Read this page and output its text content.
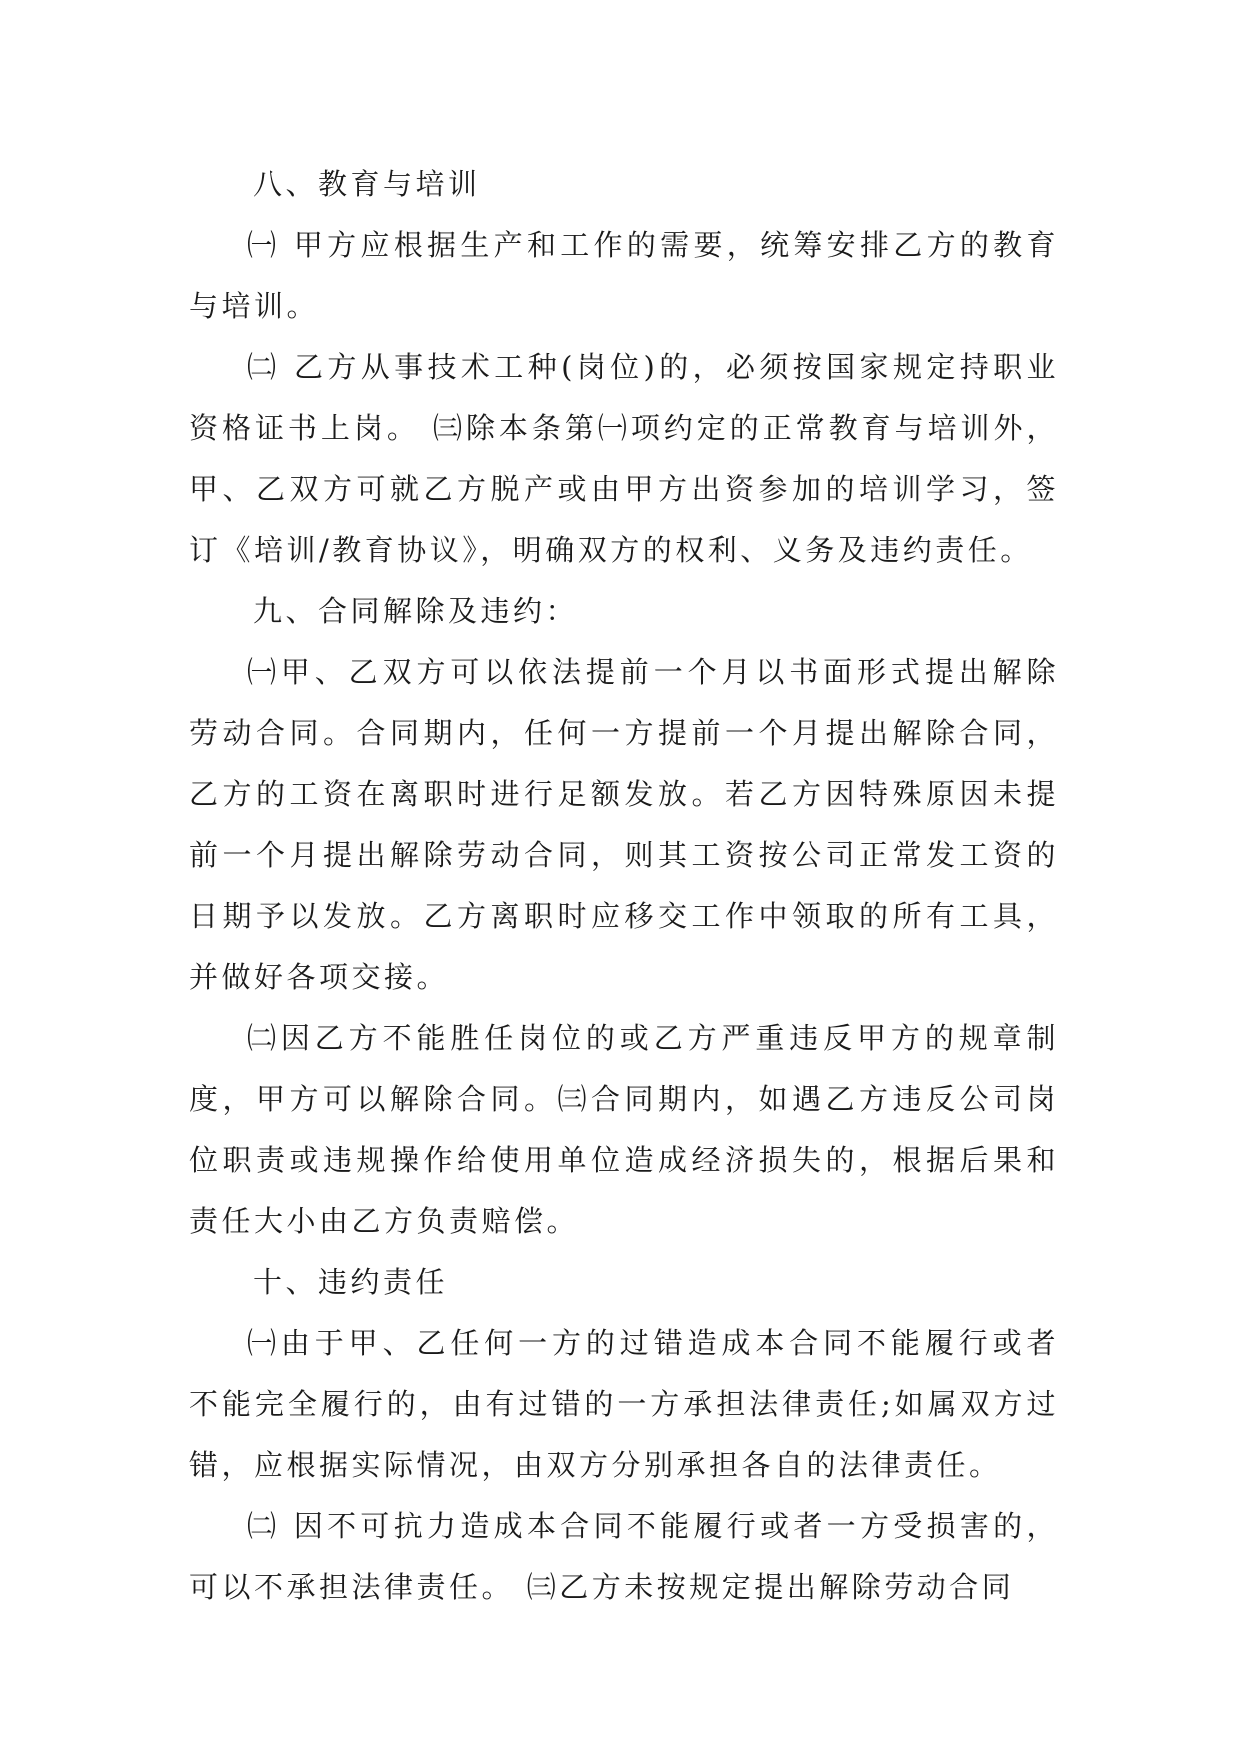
八、教育与培训

㈠ 甲方应根据生产和工作的需要，统筹安排乙方的教育与培训。

㈡ 乙方从事技术工种(岗位)的，必须按国家规定持职业资格证书上岗。 ㈢除本条第㈠项约定的正常教育与培训外，甲、乙双方可就乙方脱产或由甲方出资参加的培训学习，签订《培训/教育协议》，明确双方的权利、义务及违约责任。

九、合同解除及违约：

㈠甲、乙双方可以依法提前一个月以书面形式提出解除劳动合同。合同期内，任何一方提前一个月提出解除合同，乙方的工资在离职时进行足额发放。若乙方因特殊原因未提前一个月提出解除劳动合同，则其工资按公司正常发工资的日期予以发放。乙方离职时应移交工作中领取的所有工具，并做好各项交接。

㈡因乙方不能胜任岗位的或乙方严重违反甲方的规章制度，甲方可以解除合同。㈢合同期内，如遇乙方违反公司岗位职责或违规操作给使用单位造成经济损失的，根据后果和责任大小由乙方负责赔偿。

十、违约责任

㈠由于甲、乙任何一方的过错造成本合同不能履行或者不能完全履行的，由有过错的一方承担法律责任;如属双方过错，应根据实际情况，由双方分别承担各自的法律责任。

㈡ 因不可抗力造成本合同不能履行或者一方受损害的，可以不承担法律责任。 ㈢乙方未按规定提出解除劳动合同
